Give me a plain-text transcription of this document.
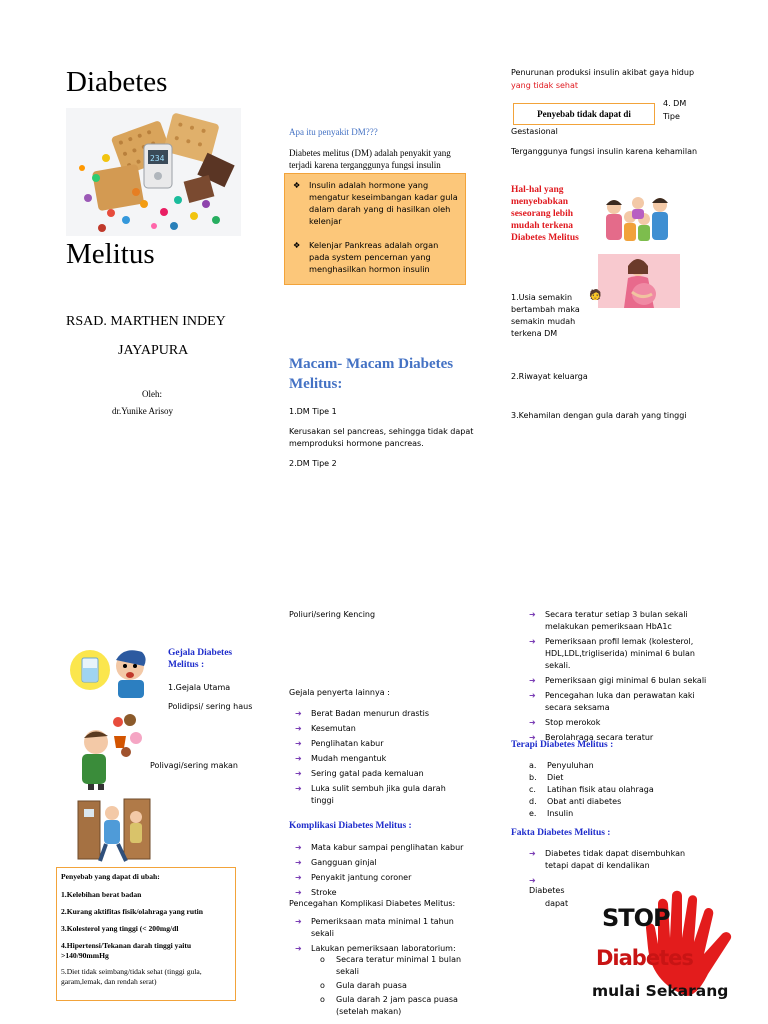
Diabetes
234
Melitus
RSAD. MARTHEN INDEY
JAYAPURA
Oleh:
dr.Yunike Arisoy
Apa itu penyakit DM???
Diabetes melitus (DM) adalah penyakit yang terjadi karena terganggunya fungsi insulin
❖ Insulin adalah hormone yang mengatur keseimbangan kadar gula dalam darah yang di hasilkan oleh kelenjar
❖ Kelenjar Pankreas adalah organ pada system pencernan yang menghasilkan hormon insulin
Macam- Macam Diabetes Melitus:
1.DM Tipe 1
Kerusakan sel pancreas, sehingga tidak dapat memproduksi hormone pancreas.
2.DM Tipe 2
Penurunan produksi insulin akibat gaya hidup
yang tidak sehat
Penyebab tidak dapat di
4. DM
Tipe
Gestasional
Terganggunya fungsi insulin karena kehamilan
Hal-hal yang menyebabkan seseorang lebih mudah terkena Diabetes Melitus
🧑
1.Usia semakin bertambah maka semakin mudah terkena DM
2.Riwayat keluarga
3.Kehamilan dengan gula darah yang tinggi
Gejala Diabetes Melitus :
1.Gejala Utama
Polidipsi/ sering haus
Polivagi/sering makan
Penyebab yang dapat di ubah:
1.Kelebihan berat badan
2.Kurang aktifitas fisik/olahraga yang rutin
3.Kolesterol yang tinggi (< 200mg/dl
4.Hipertensi/Tekanan darah tinggi yaitu >140/90mmHg
5.Diet tidak seimbang/tidak sehat (tinggi gula, garam,lemak, dan rendah serat)
Poliuri/sering Kencing
Gejala penyerta lainnya :
➜ Berat Badan menurun drastis
➜ Kesemutan
➜ Penglihatan kabur
➜ Mudah mengantuk
➜ Sering gatal pada kemaluan
➜ Luka sulit sembuh jika gula darah tinggi
Komplikasi Diabetes Melitus :
➜ Mata kabur sampai penglihatan kabur
➜ Gangguan ginjal
➜ Penyakit jantung coroner
➜ Stroke
Pencegahan Komplikasi Diabetes Melitus:
➜ Pemeriksaan mata minimal 1 tahun sekali
➜ Lakukan pemeriksaan laboratorium:
o Secara teratur minimal 1 bulan sekali
o Gula darah puasa
o Gula darah 2 jam pasca puasa (setelah makan)
➜ Secara teratur setiap 3 bulan sekali melakukan pemeriksaan HbA1c
➜ Pemeriksaan profil lemak (kolesterol, HDL,LDL,trigliserida) minimal 6 bulan sekali.
➜ Pemeriksaan gigi minimal 6 bulan sekali
➜ Pencegahan luka dan perawatan kaki secara seksama
➜ Stop merokok
➜ Berolahraga secara teratur
Terapi Diabetes Melitus :
a. Penyuluhan
b. Diet
c. Latihan fisik atau olahraga
d. Obat anti diabetes
e. Insulin
Fakta Diabetes Melitus :
➜ Diabetes tidak dapat disembuhkan tetapi dapat di kendalikan
➜
Diabetes
dapat
STOP
Diabetes
mulai Sekarang
